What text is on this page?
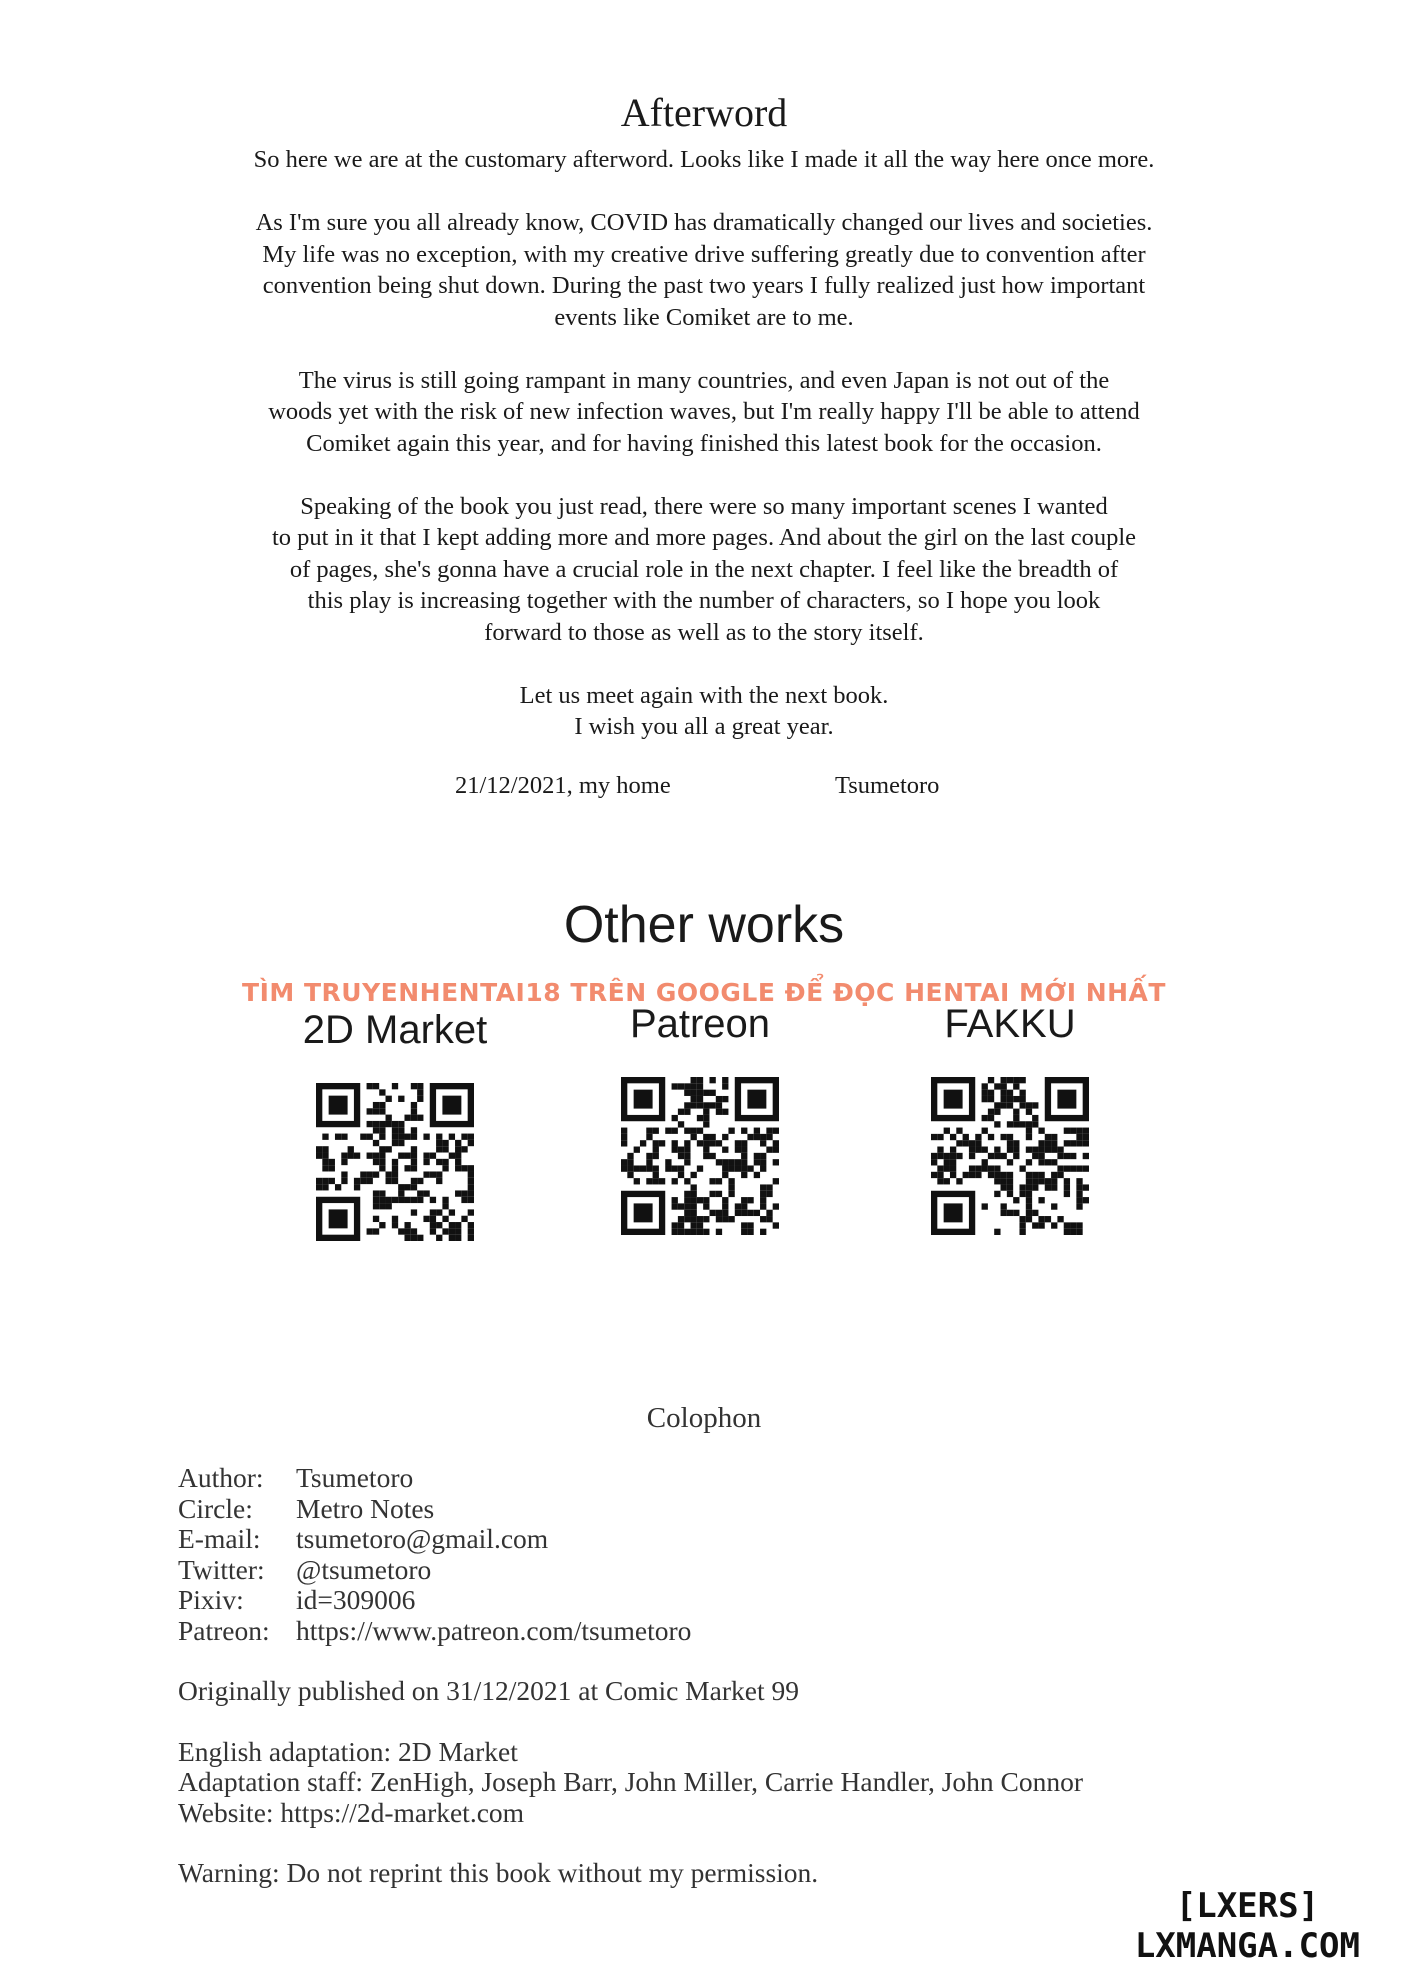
Afterword

So here we are at the customary afterword. Looks like I made it all the way here once more.

As I'm sure you all already know, COVID has dramatically changed our lives and societies.
My life was no exception, with my creative drive suffering greatly due to convention after
convention being shut down. During the past two years I fully realized just how important
events like Comiket are to me.

The virus is still going rampant in many countries, and even Japan is not out of the
woods yet with the risk of new infection waves, but I'm really happy I'll be able to attend
Comiket again this year, and for having finished this latest book for the occasion.

Speaking of the book you just read, there were so many important scenes I wanted
to put in it that I kept adding more and more pages. And about the girl on the last couple
of pages, she's gonna have a crucial role in the next chapter. I feel like the breadth of
this play is increasing together with the number of characters, so I hope you look
forward to those as well as to the story itself.

Let us meet again with the next book.
I wish you all a great year.

21/12/2021, my home	Tsumetoro
Other works
TÌM TRUYENHENTAI18 TRÊN GOOGLE ĐỂ ĐỌC HENTAI MỚI NHẤT
2D Market	Patreon	FAKKU
Colophon
Author: Tsumetoro
Circle: Metro Notes
E-mail: tsumetoro@gmail.com
Twitter: @tsumetoro
Pixiv: id=309006
Patreon: https://www.patreon.com/tsumetoro
Originally published on 31/12/2021 at Comic Market 99
English adaptation: 2D Market
Adaptation staff: ZenHigh, Joseph Barr, John Miller, Carrie Handler, John Connor
Website: https://2d-market.com
Warning: Do not reprint this book without my permission.
[LXERS]
LXMANGA.COM
